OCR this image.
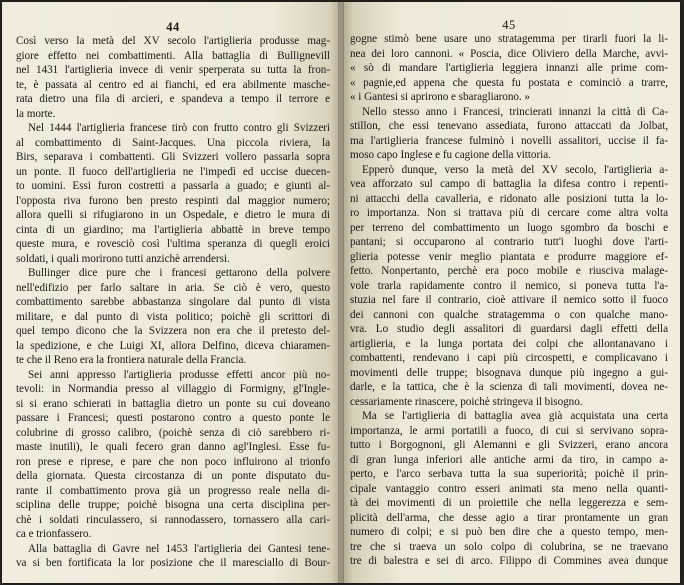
44
Così verso la metà del XV secolo l'artiglieria produsse mag-
giore effetto nei combattimenti. Alla battaglia di Bullignevill
nel 1431 l'artiglieria invece di venir sperperata su tutta la fron-
te, è passata al centro ed ai fianchi, ed era abilmente masche-
rata dietro una fila di arcieri, e spandeva a tempo il terrore e
la morte.
Nel 1444 l'artiglieria francese tirò con frutto contro gli Svizzeri
al combattimento di Saint-Jacques. Una piccola riviera, la
Birs, separava i combattenti. Gli Svizzeri vollero passarla sopra
un ponte. Il fuoco dell'artiglieria ne l'impedì ed uccise duecen-
to uomini. Essi furon costretti a passarla a guado; e giunti al-
l'opposta riva furono ben presto respinti dal maggior numero;
allora quelli si rifugiarono in un Ospedale, e dietro le mura di
cinta di un giardino; ma l'artiglieria abbattè in breve tempo
queste mura, e rovesciò così l'ultima speranza di quegli eroici
soldati, i quali morirono tutti anzichè arrendersi.
Bullinger dice pure che i francesi gettarono della polvere
nell'edifizio per farlo saltare in aria. Se ciò è vero, questo
combattimento sarebbe abbastanza singolare dal punto di vista
militare, e dal punto di vista politico; poichè gli scrittori di
quel tempo dicono che la Svizzera non era che il pretesto del-
la spedizione, e che Luigi XI, allora Delfino, diceva chiaramen-
te che il Reno era la frontiera naturale della Francia.
Sei anni appresso l'artiglieria produsse effetti ancor più no-
tevoli: in Normandia presso al villaggio di Formigny, gl'Ingle-
si si erano schierati in battaglia dietro un ponte su cui doveano
passare i Francesi; questi postarono contro a questo ponte le
colubrine di grosso calibro, (poichè senza di ciò sarebbero ri-
maste inutili), le quali fecero gran danno agl'Inglesi. Esse fu-
ron prese e riprese, e pare che non poco influirono al trionfo
della giornata. Questa circostanza di un ponte disputato du-
rante il combattimento prova già un progresso reale nella di-
sciplina delle truppe; poichè bisogna una certa disciplina per-
chè i soldati rinculassero, si rannodassero, tornassero alla cari-
ca e trionfassero.
Alla battaglia di Gavre nel 1453 l'artiglieria dei Gantesi tene-
va si ben fortificata la lor posizione che il maresciallo di Bour-
45
gogne stimò bene usare uno stratagemma per tirarli fuori la li-
nea dei loro cannoni. « Poscia, dice Oliviero della Marche, avvi-
« sò di mandare l'artiglieria leggiera innanzi alle prime com-
« pagnie,ed appena che questa fu postata e cominciò a trarre,
« i Gantesi si aprirono e sbaragliarono. »
Nello stesso anno i Francesi, trincierati innanzi la città di Ca-
stillon, che essi tenevano assediata, furono attaccati da Jolbat,
ma l'artiglieria francese fulminò i novelli assalitori, uccise il fa-
moso capo Inglese e fu cagione della vittoria.
Epperò dunque, verso la metà del XV secolo, l'artiglieria a-
vea afforzato sul campo di battaglia la difesa contro i repenti-
ni attacchi della cavalleria, e ridonato alle posizioni tutta la lo-
ro importanza. Non si trattava più di cercare come altra volta
per terreno del combattimento un luogo sgombro da boschi e
pantani; si occuparono al contrario tutt'i luoghi dove l'arti-
glieria potesse venir meglio piantata e produrre maggiore ef-
fetto. Nonpertanto, perchè era poco mobile e riusciva malage-
vole trarla rapidamente contro il nemico, si poneva tutta l'a-
stuzia nel fare il contrario, cioè attivare il nemico sotto il fuoco
dei cannoni con qualche stratagemma o con qualche mano-
vra. Lo studio degli assalitori di guardarsi dagli effetti della
artiglieria, e la lunga portata dei colpi che allontanavano i
combattenti, rendevano i capi più circospetti, e complicavano i
movimenti delle truppe; bisognava dunque più ingegno a gui-
darle, e la tattica, che è la scienza di tali movimenti, dovea ne-
cessariamente rinascere, poichè stringeva il bisogno.
Ma se l'artiglieria di battaglia avea già acquistata una certa
importanza, le armi portatili a fuoco, di cui si servivano sopra-
tutto i Borgognoni, gli Alemanni e gli Svizzeri, erano ancora
di gran lunga inferiori alle antiche armi da tiro, in campo a-
perto, e l'arco serbava tutta la sua superiorità; poichè il prin-
cipale vantaggio contro esseri animati sta meno nella quanti-
tà dei movimenti di un proiettile che nella leggerezza e sem-
plicità dell'arma, che desse agio a tirar prontamente un gran
numero di colpi; e si può ben dire che a questo tempo, men-
tre che si traeva un solo colpo di colubrina, se ne traevano
tre di balestra e sei di arco. Filippo di Commines avea dunque
